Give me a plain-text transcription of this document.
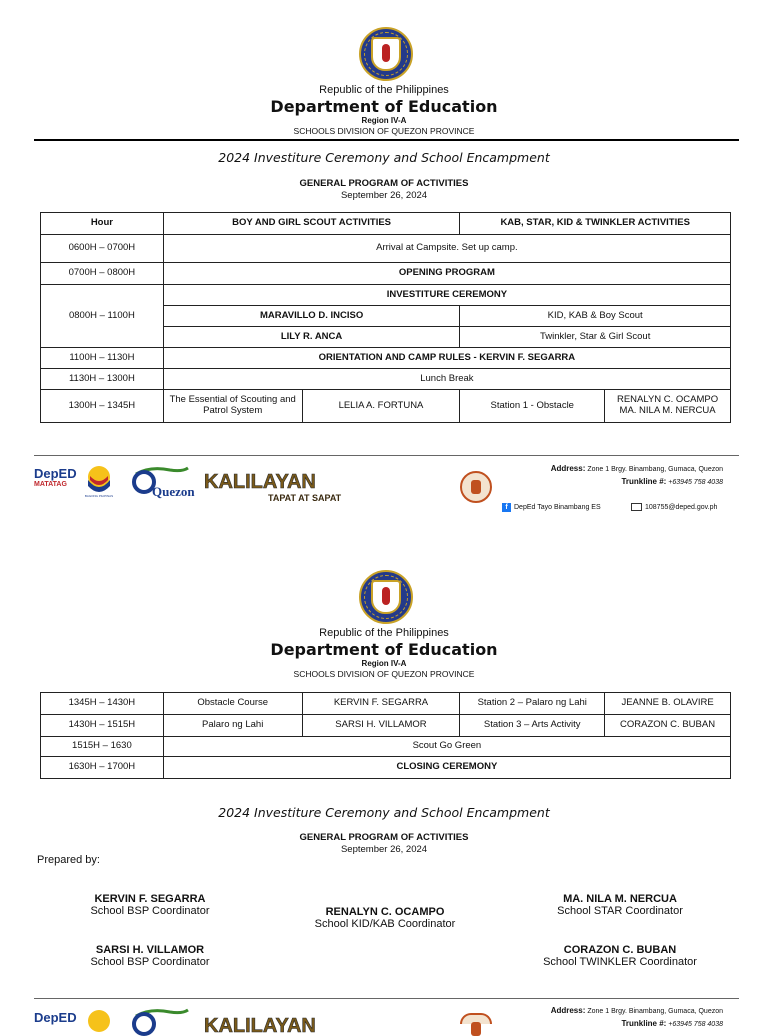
Republic of the Philippines
Department of Education
Region IV-A
SCHOOLS DIVISION OF QUEZON PROVINCE
2024 Investiture Ceremony and School Encampment
GENERAL PROGRAM OF ACTIVITIES
September 26, 2024
Hour	BOY AND GIRL SCOUT ACTIVITIES		KAB, STAR, KID & TWINKLER ACTIVITIES	
0600H – 0700H	Arrival at Campsite. Set up camp.			
0700H – 0800H	OPENING PROGRAM			
0800H – 1100H	INVESTITURE CEREMONY			
	MARAVILLO D. INCISO		KID, KAB & Boy Scout	
	LILY R. ANCA		Twinkler, Star & Girl Scout	
1100H – 1130H	ORIENTATION AND CAMP RULES - KERVIN F. SEGARRA			
1130H – 1300H	Lunch Break			
1300H – 1345H	The Essential of Scouting and Patrol System	LELIA A. FORTUNA	Station 1 - Obstacle	RENALYN C. OCAMPO
MA. NILA M. NERCUA
DepED
MATATAG
BAGONG PILIPINAS	Quezon KALILAYAN
TAPAT AT SAPAT
Address: Zone 1 Brgy. Binambang, Gumaca, Quezon
Trunkline #: +63945 758 4038
f DepEd Tayo Binambang ES	108755@deped.gov.ph
Republic of the Philippines
Department of Education
Region IV-A
SCHOOLS DIVISION OF QUEZON PROVINCE
1345H – 1430H	Obstacle Course	KERVIN F. SEGARRA	Station 2 – Palaro ng Lahi	JEANNE B. OLAVIRE
1430H – 1515H	Palaro ng Lahi	SARSI H. VILLAMOR	Station 3 – Arts Activity	CORAZON C. BUBAN
1515H – 1630	Scout Go Green			
1630H – 1700H	CLOSING CEREMONY			
2024 Investiture Ceremony and School Encampment
GENERAL PROGRAM OF ACTIVITIES
September 26, 2024
Prepared by:
KERVIN F. SEGARRA
School BSP Coordinator	RENALYN C. OCAMPO
School KID/KAB Coordinator
MA. NILA M. NERCUA
School STAR Coordinator
SARSI H. VILLAMOR
School BSP Coordinator
CORAZON C. BUBAN
School TWINKLER Coordinator
DepED	KALILAYAN
Address: Zone 1 Brgy. Binambang, Gumaca, Quezon
Trunkline #: +63945 758 4038
